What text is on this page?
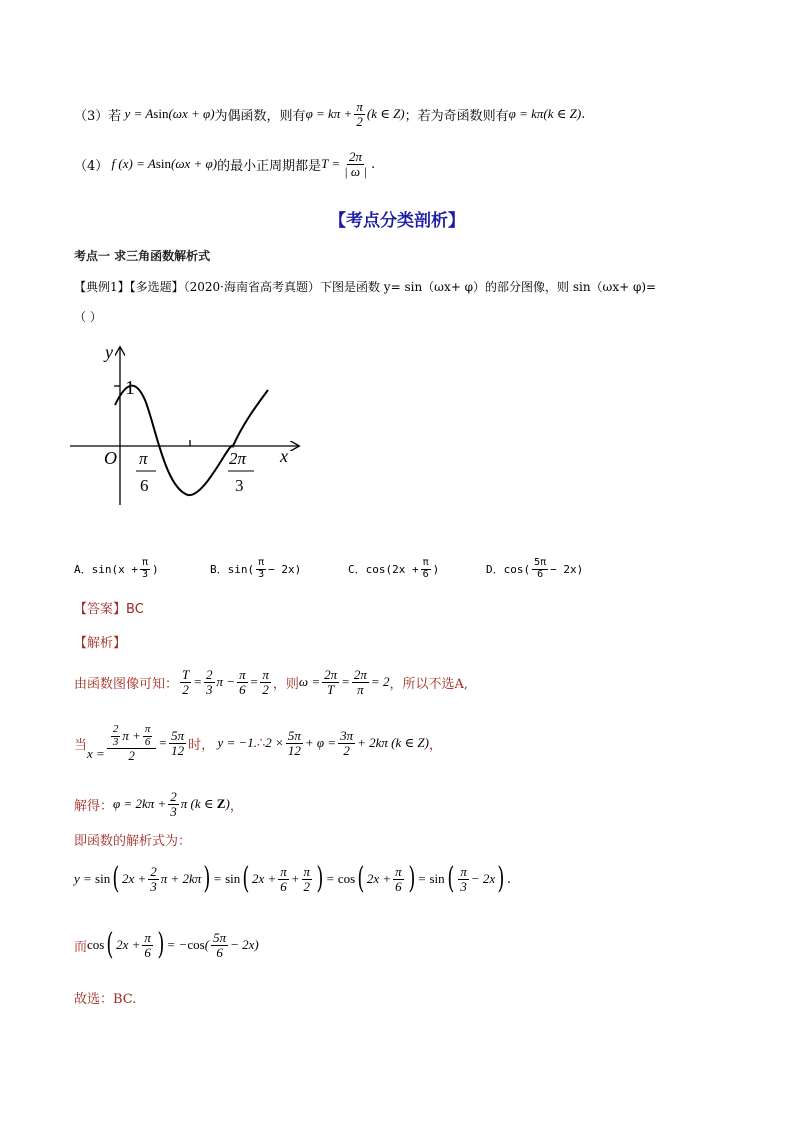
（3） 若 y = Asin(ωx + φ) 为偶函数，则有 $\varphi = k\pi + \frac{\pi}{2} (k$ ∈ Z) ；若为奇函数则有 φ = kπ(k ∈ Z) .
（4） f (x) = Asin(ωx + φ) 的最小正周期都是 $T = \frac{2\pi}{| \omega |}$ .
【考点分类剖析】
考点一 求三角函数解析式
【典例1】【多选题】（2020·海南省高考真题）下图是函数 y= sin（ωx+ φ）的部分图像，则 sin（ωx+ φ)=
（ ）
y
x
O
1
π
6
2π
3
A． $\sin(x + \frac{\pi}{3}$ )	B． $\sin( \frac{\pi}{3} - 2x)$	C． $\cos(2x + \frac{\pi}{6}$ )	D． $\cos( \frac{5\pi}{6} - 2x)$
【答案】BC
【解析】
由函数图像可知： $\frac{T}{2} = \frac{2}{3}$ $\pi - \frac{\pi}{6} = \frac{\pi}{2}$ ，则 $\omega = \frac{2\pi}{T} = \frac{2\pi}{\pi} = 2$ ，所以不选A,
当
$x = \frac{\frac{2}{3} \pi + \frac{\pi}{6}}{2} = \frac{5\pi}{12}$ 时， y = −1. ∴ $2 \times \frac{5\pi}{12} + \varphi = \frac{3\pi}{2} + 2k\pi$ (k ∈ Z) ，
解得： $\varphi = 2k\pi + \frac{2}{3}$ π (k ∈ Z) ，
即函数的解析式为：
y = sin ( $2x + \frac{2}{3}$ π + 2kπ ) = sin ( $2x + \frac{\pi}{6} + \frac{\pi}{2}$ ) = cos ( $2x + \frac{\pi}{6}$ ) = sin ( $\frac{\pi}{3} - 2x$ ) .
而 cos ( $2x + \frac{\pi}{6}$ ) = $-\cos( \frac{5\pi}{6} - 2x)$
故选：BC.
